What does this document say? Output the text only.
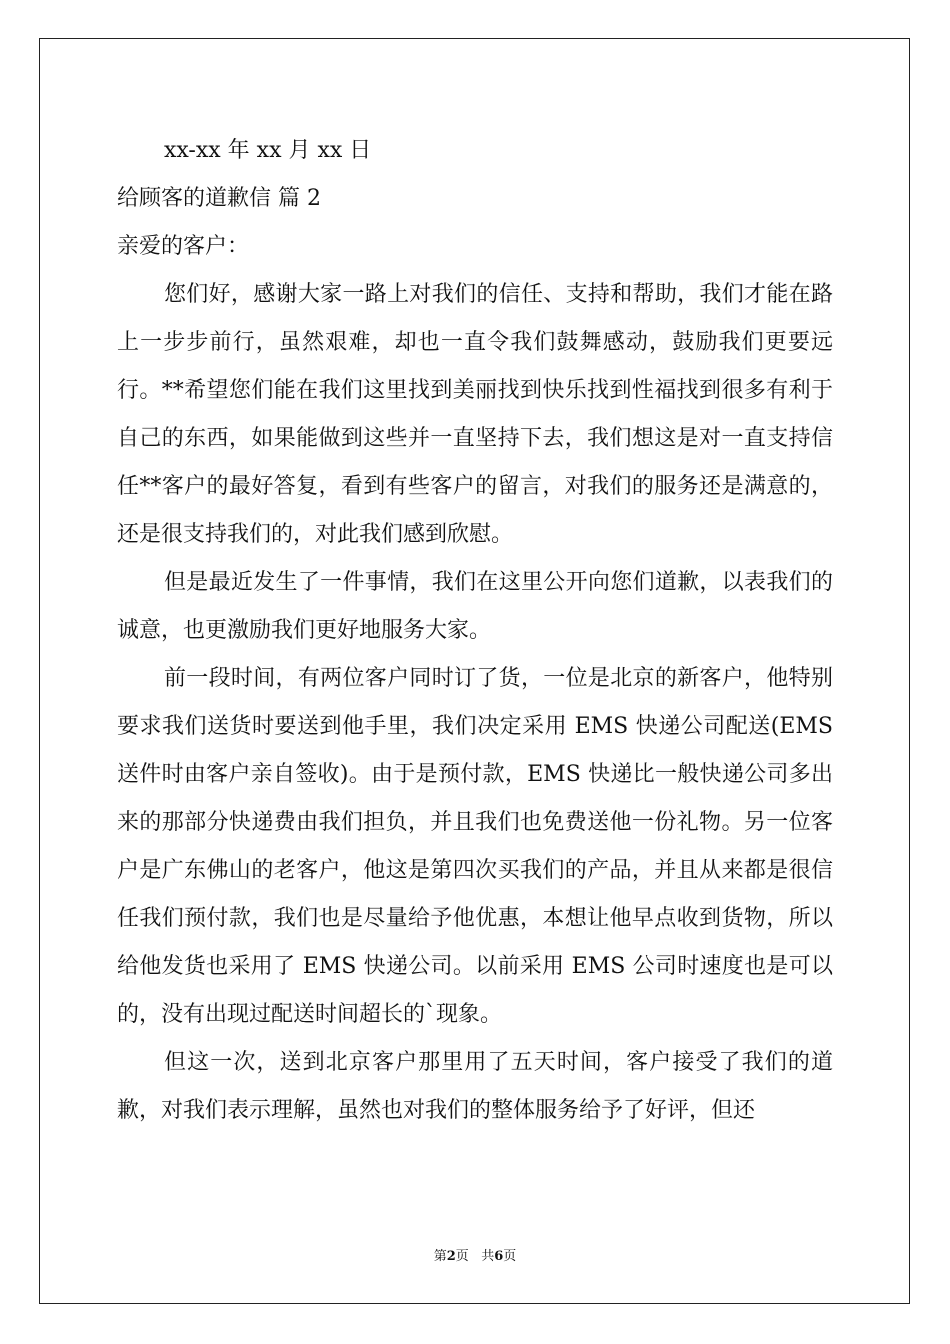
xx-xx 年 xx 月 xx 日
给顾客的道歉信 篇 2
亲爱的客户：

您们好，感谢大家一路上对我们的信任、支持和帮助，我们才能在路上一步步前行，虽然艰难，却也一直令我们鼓舞感动，鼓励我们更要远行。**希望您们能在我们这里找到美丽找到快乐找到性福找到很多有利于自己的东西，如果能做到这些并一直坚持下去，我们想这是对一直支持信任**客户的最好答复，看到有些客户的留言，对我们的服务还是满意的，还是很支持我们的，对此我们感到欣慰。

但是最近发生了一件事情，我们在这里公开向您们道歉，以表我们的诚意，也更激励我们更好地服务大家。

前一段时间，有两位客户同时订了货，一位是北京的新客户，他特别要求我们送货时要送到他手里，我们决定采用 EMS 快递公司配送(EMS 送件时由客户亲自签收)。由于是预付款，EMS 快递比一般快递公司多出来的那部分快递费由我们担负，并且我们也免费送他一份礼物。另一位客户是广东佛山的老客户，他这是第四次买我们的产品，并且从来都是很信任我们预付款，我们也是尽量给予他优惠，本想让他早点收到货物，所以给他发货也采用了 EMS 快递公司。以前采用 EMS 公司时速度也是可以的，没有出现过配送时间超长的`现象。

但这一次，送到北京客户那里用了五天时间，客户接受了我们的道歉，对我们表示理解，虽然也对我们的整体服务给予了好评，但还

第2页 共6页
